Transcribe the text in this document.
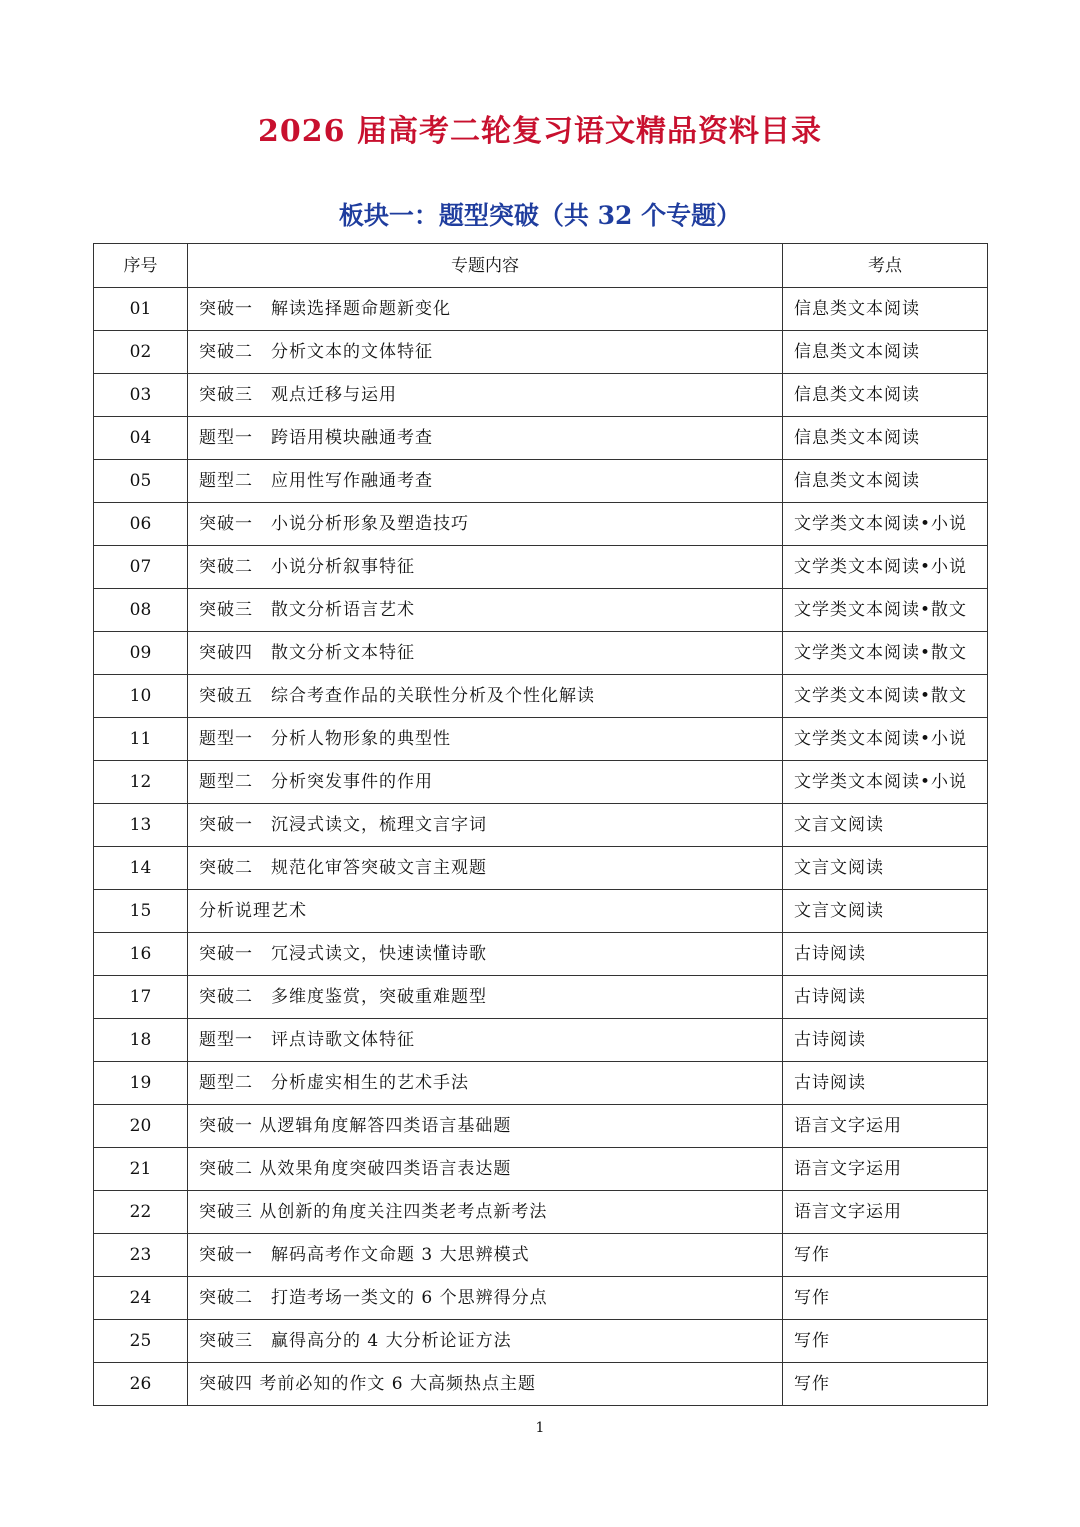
2026 届高考二轮复习语文精品资料目录
板块一：题型突破（共 32 个专题）
序号	专题内容	考点
01	突破一　解读选择题命题新变化	信息类文本阅读
02	突破二　分析文本的文体特征	信息类文本阅读
03	突破三　观点迁移与运用	信息类文本阅读
04	题型一　跨语用模块融通考查	信息类文本阅读
05	题型二　应用性写作融通考查	信息类文本阅读
06	突破一　小说分析形象及塑造技巧	文学类文本阅读•小说
07	突破二　小说分析叙事特征	文学类文本阅读•小说
08	突破三　散文分析语言艺术	文学类文本阅读•散文
09	突破四　散文分析文本特征	文学类文本阅读•散文
10	突破五　综合考查作品的关联性分析及个性化解读	文学类文本阅读•散文
11	题型一　分析人物形象的典型性	文学类文本阅读•小说
12	题型二　分析突发事件的作用	文学类文本阅读•小说
13	突破一　沉浸式读文，梳理文言字词	文言文阅读
14	突破二　规范化审答突破文言主观题	文言文阅读
15	分析说理艺术	文言文阅读
16	突破一　冗浸式读文，快速读懂诗歌	古诗阅读
17	突破二　多维度鉴赏，突破重难题型	古诗阅读
18	题型一　评点诗歌文体特征	古诗阅读
19	题型二　分析虚实相生的艺术手法	古诗阅读
20	突破一 从逻辑角度解答四类语言基础题	语言文字运用
21	突破二 从效果角度突破四类语言表达题	语言文字运用
22	突破三 从创新的角度关注四类老考点新考法	语言文字运用
23	突破一　解码高考作文命题 3 大思辨模式	写作
24	突破二　打造考场一类文的 6 个思辨得分点	写作
25	突破三　赢得高分的 4 大分析论证方法	写作
26	突破四 考前必知的作文 6 大高频热点主题	写作
1
